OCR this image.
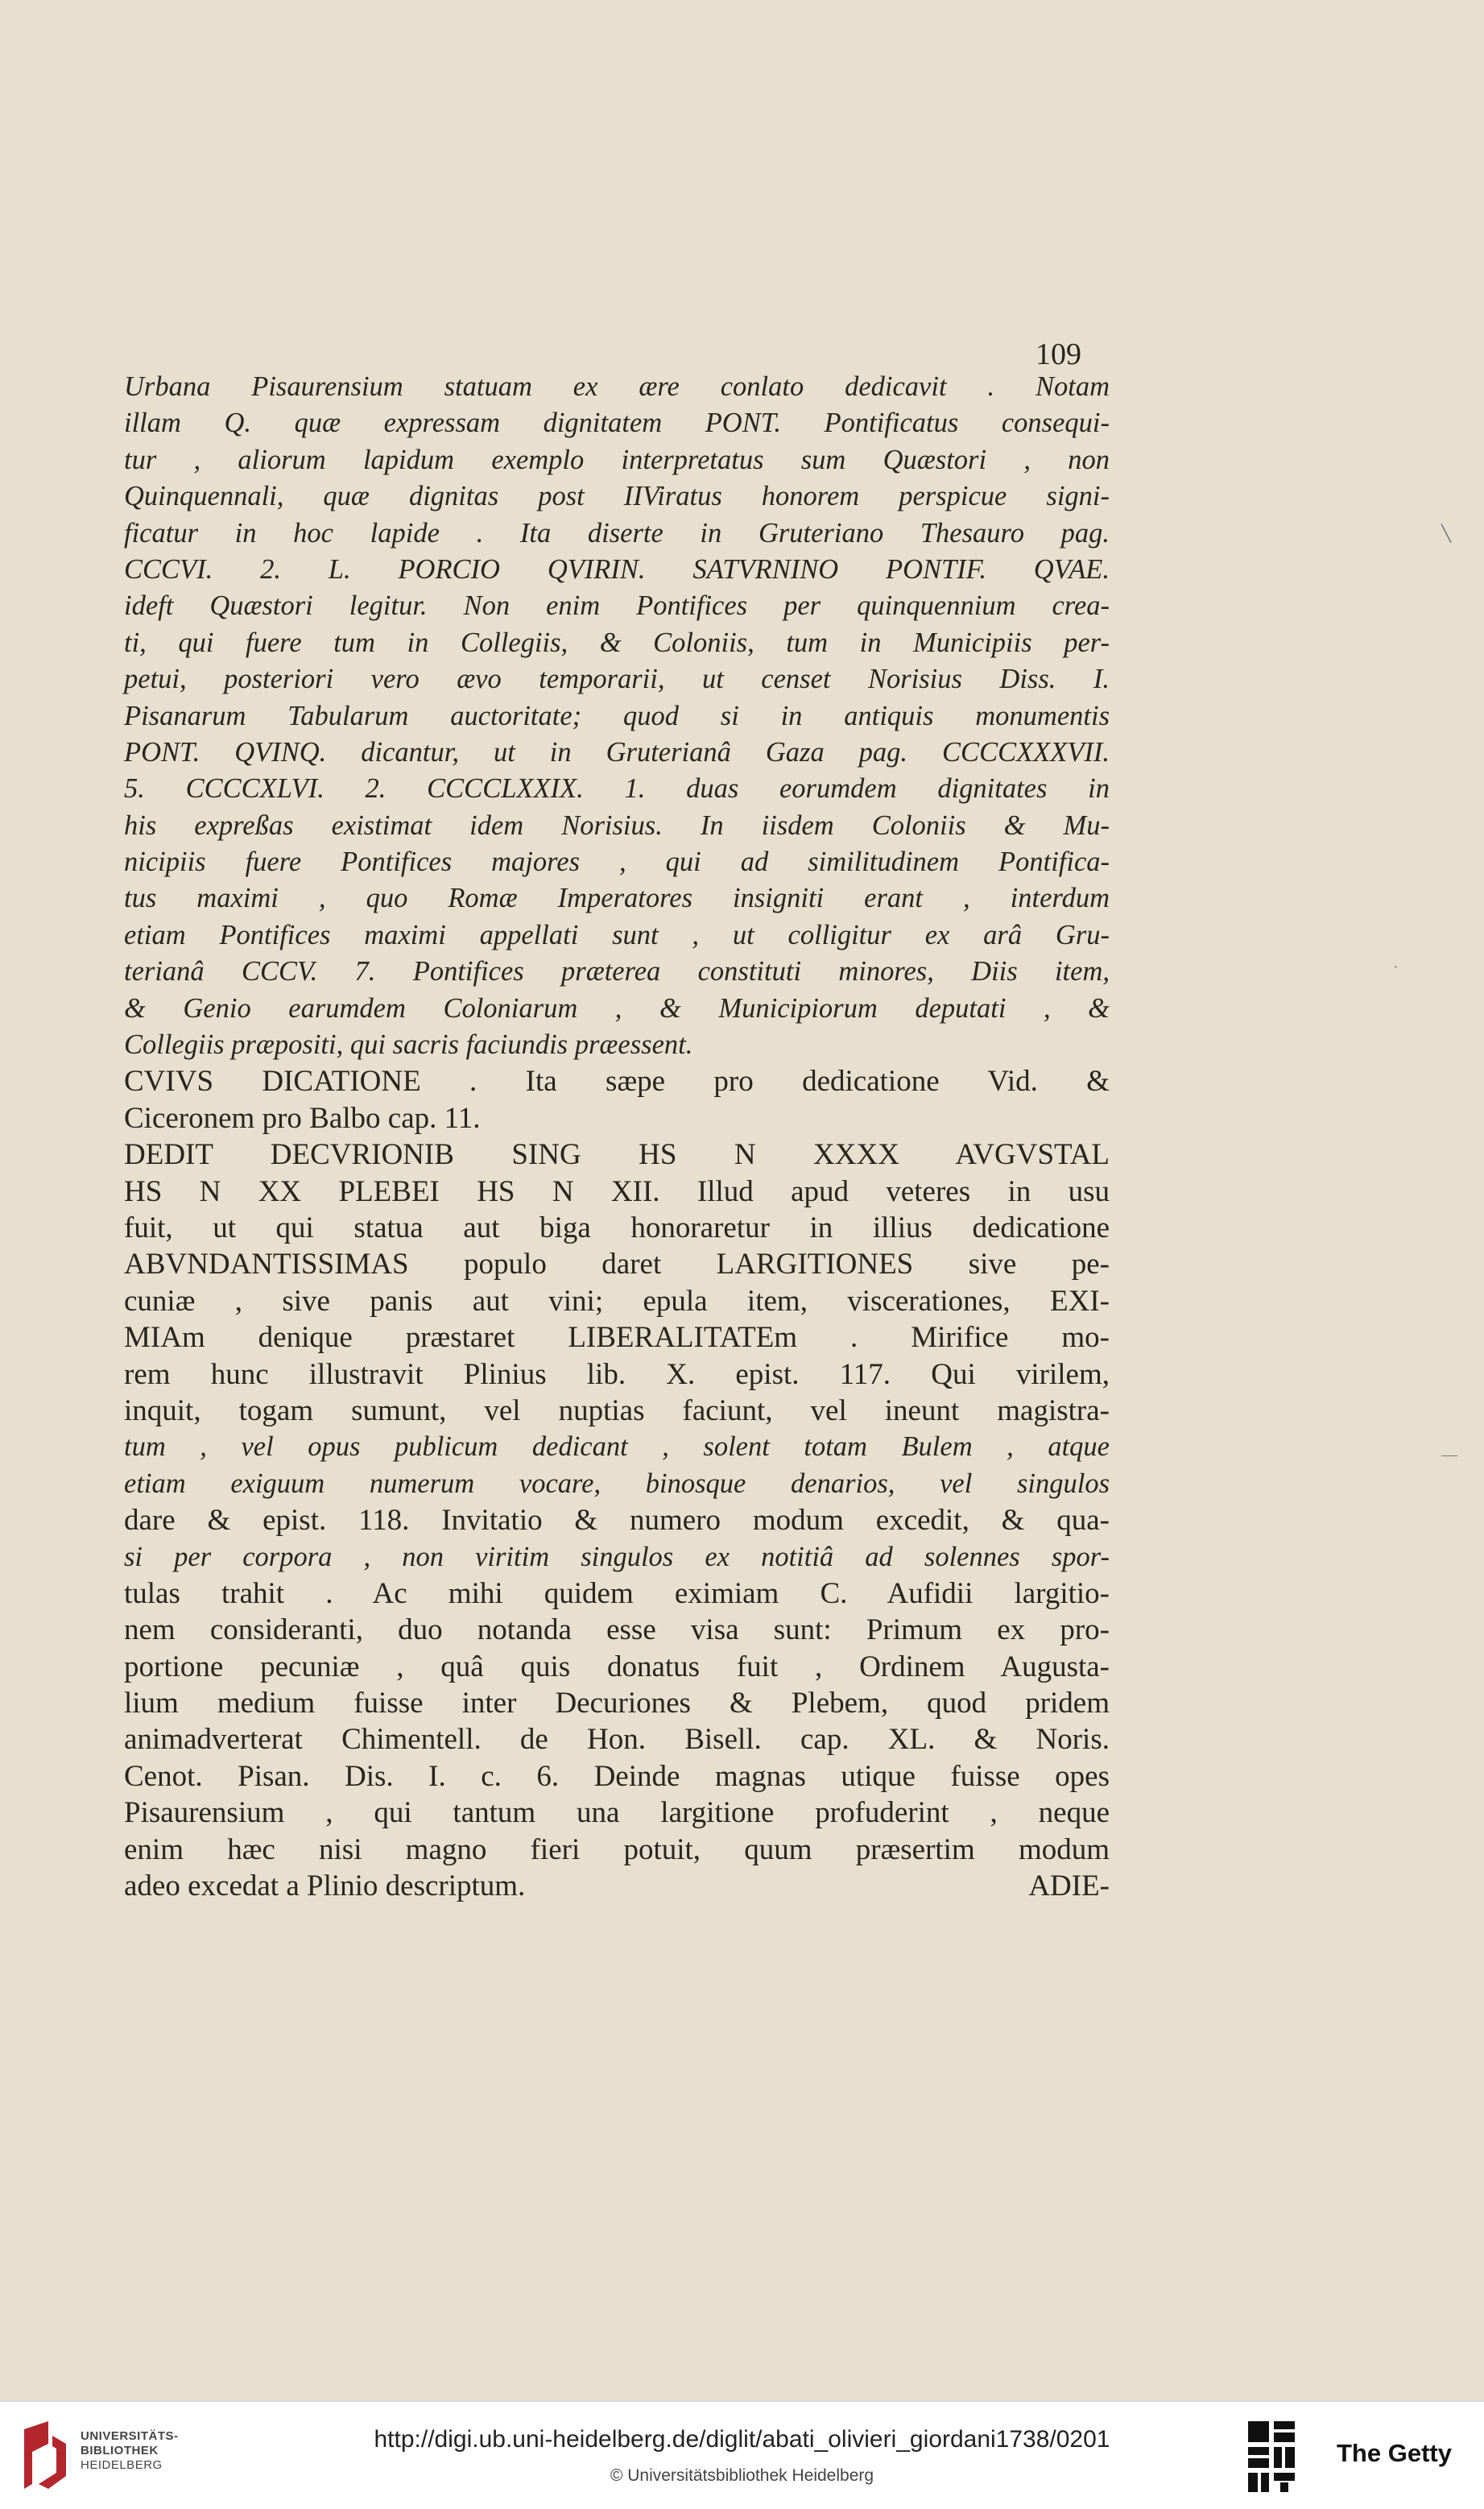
109
Urbana Pisaurensium statuam ex ære conlato dedicavit . Notam
illam Q. quæ expressam dignitatem PONT. Pontificatus consequi-
tur , aliorum lapidum exemplo interpretatus sum Quæstori , non
Quinquennali, quæ dignitas post IIViratus honorem perspicue signi-
ficatur in hoc lapide . Ita diserte in Gruteriano Thesauro pag.
CCCVI. 2. L. PORCIO QVIRIN. SATVRNINO PONTIF. QVAE.
ideft Quæstori legitur. Non enim Pontifices per quinquennium crea-
ti, qui fuere tum in Collegiis, & Coloniis, tum in Municipiis per-
petui, posteriori vero ævo temporarii, ut censet Norisius Diss. I.
Pisanarum Tabularum auctoritate; quod si in antiquis monumentis
PONT. QVINQ. dicantur, ut in Gruterianâ Gaza pag. CCCCXXXVII.
5. CCCCXLVI. 2. CCCCLXXIX. 1. duas eorumdem dignitates in
his expreßas existimat idem Norisius. In iisdem Coloniis & Mu-
nicipiis fuere Pontifices majores , qui ad similitudinem Pontifica-
tus maximi , quo Romæ Imperatores insigniti erant , interdum
etiam Pontifices maximi appellati sunt , ut colligitur ex arâ Gru-
terianâ CCCV. 7. Pontifices præterea constituti minores, Diis item,
& Genio earumdem Coloniarum , & Municipiorum deputati , &
Collegiis præpositi, qui sacris faciundis præessent.
CVIVS DICATIONE . Ita sæpe pro dedicatione Vid. &
Ciceronem pro Balbo cap. 11.
DEDIT DECVRIONIB SING HS N XXXX AVGVSTAL
HS N XX PLEBEI HS N XII. Illud apud veteres in usu
fuit, ut qui statua aut biga honoraretur in illius dedicatione
ABVNDANTISSIMAS populo daret LARGITIONES sive pe-
cuniæ , sive panis aut vini; epula item, viscerationes, EXI-
MIAm denique præstaret LIBERALITATEm . Mirifice mo-
rem hunc illustravit Plinius lib. X. epist. 117. Qui virilem,
inquit, togam sumunt, vel nuptias faciunt, vel ineunt magistra-
tum , vel opus publicum dedicant , solent totam Bulem , atque
etiam exiguum numerum vocare, binosque denarios, vel singulos
dare & epist. 118. Invitatio & numero modum excedit, & qua-
si per corpora , non viritim singulos ex notitiâ ad solennes spor-
tulas trahit . Ac mihi quidem eximiam C. Aufidii largitio-
nem consideranti, duo notanda esse visa sunt: Primum ex pro-
portione pecuniæ , quâ quis donatus fuit , Ordinem Augusta-
lium medium fuisse inter Decuriones & Plebem, quod pridem
animadverterat Chimentell. de Hon. Bisell. cap. XL. & Noris.
Cenot. Pisan. Dis. I. c. 6. Deinde magnas utique fuisse opes
Pisaurensium , qui tantum una largitione profuderint , neque
enim hæc nisi magno fieri potuit, quum præsertim modum
adeo excedat a Plinio descriptum.	ADIE-
╲
·
—
UNIVERSITÄTS-
BIBLIOTHEK
HEIDELBERG
http://digi.ub.uni-heidelberg.de/diglit/abati_olivieri_giordani1738/0201
© Universitätsbibliothek Heidelberg
The Getty
